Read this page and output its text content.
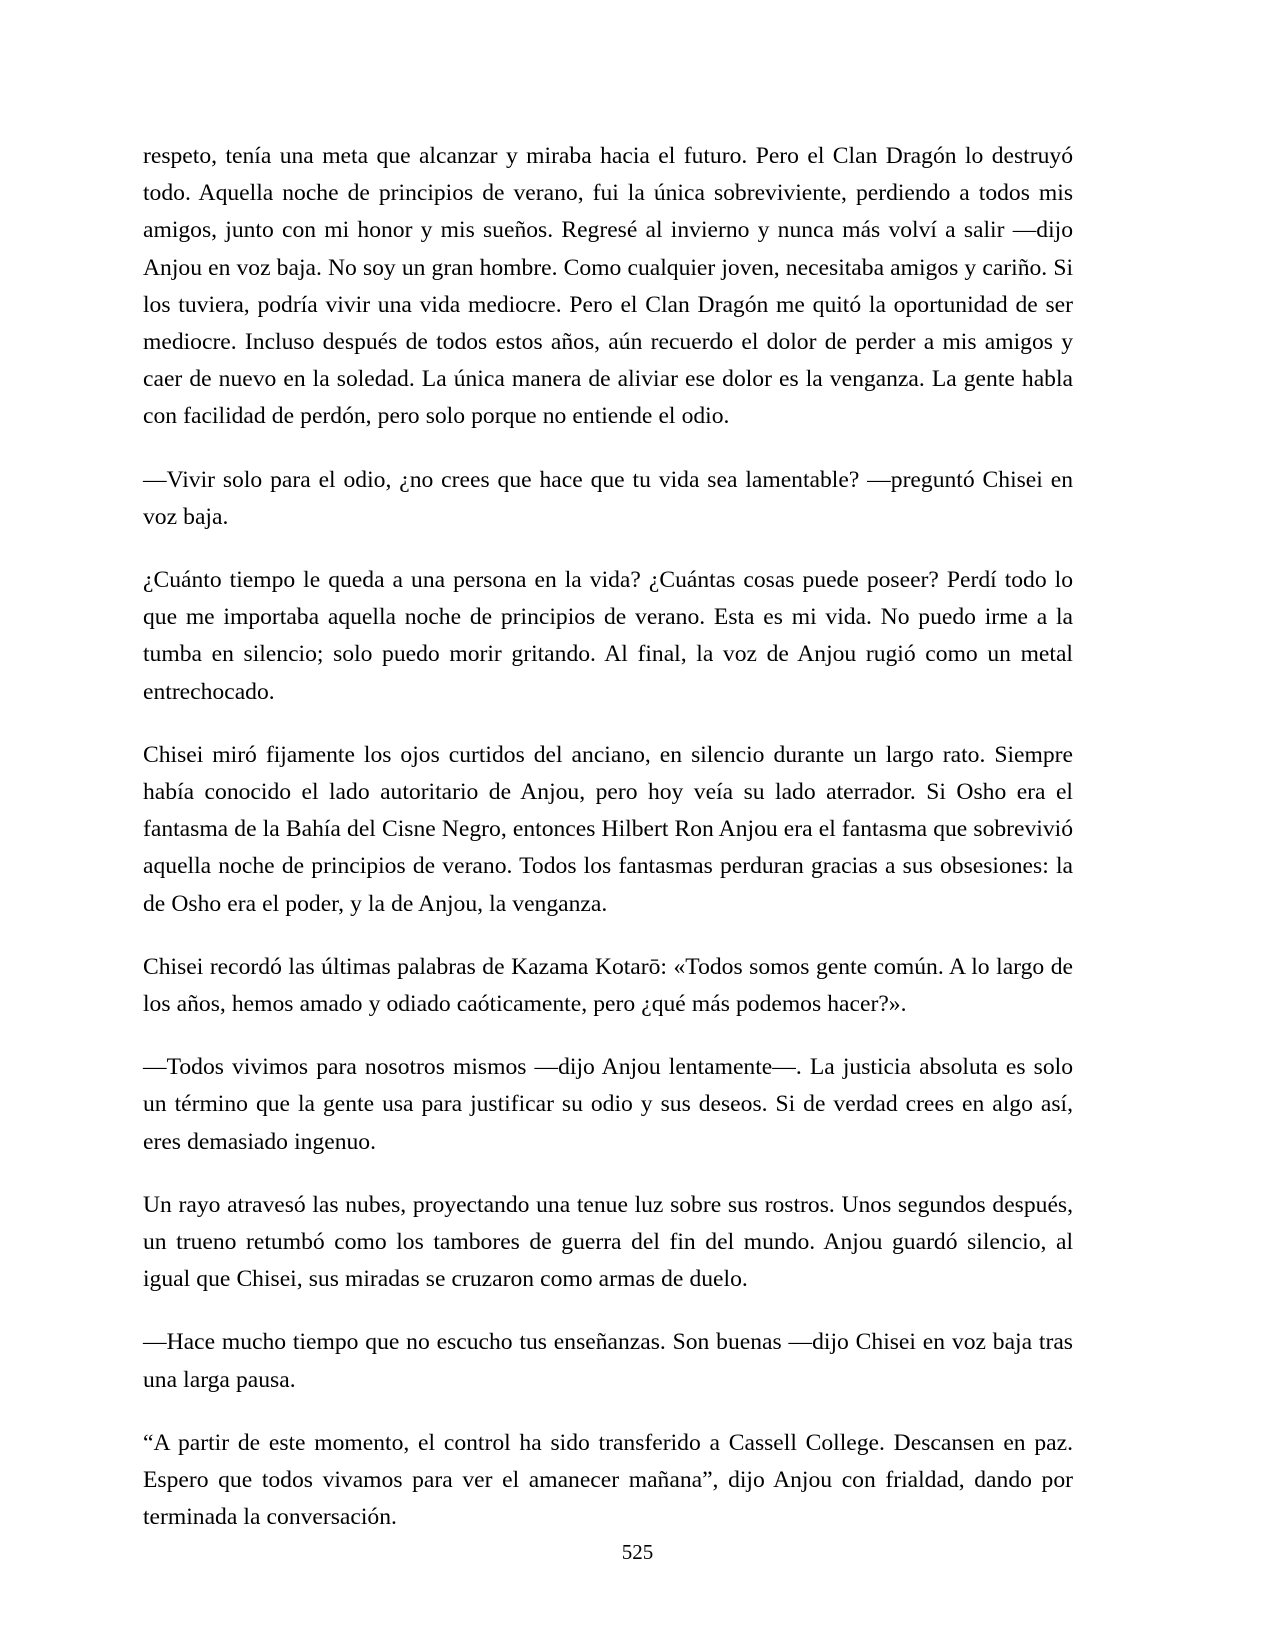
respeto, tenía una meta que alcanzar y miraba hacia el futuro. Pero el Clan Dragón lo destruyó todo. Aquella noche de principios de verano, fui la única sobreviviente, perdiendo a todos mis amigos, junto con mi honor y mis sueños. Regresé al invierno y nunca más volví a salir —dijo Anjou en voz baja. No soy un gran hombre. Como cualquier joven, necesitaba amigos y cariño. Si los tuviera, podría vivir una vida mediocre. Pero el Clan Dragón me quitó la oportunidad de ser mediocre. Incluso después de todos estos años, aún recuerdo el dolor de perder a mis amigos y caer de nuevo en la soledad. La única manera de aliviar ese dolor es la venganza. La gente habla con facilidad de perdón, pero solo porque no entiende el odio.

—Vivir solo para el odio, ¿no crees que hace que tu vida sea lamentable? —preguntó Chisei en voz baja.

¿Cuánto tiempo le queda a una persona en la vida? ¿Cuántas cosas puede poseer? Perdí todo lo que me importaba aquella noche de principios de verano. Esta es mi vida. No puedo irme a la tumba en silencio; solo puedo morir gritando. Al final, la voz de Anjou rugió como un metal entrechocado.

Chisei miró fijamente los ojos curtidos del anciano, en silencio durante un largo rato. Siempre había conocido el lado autoritario de Anjou, pero hoy veía su lado aterrador. Si Osho era el fantasma de la Bahía del Cisne Negro, entonces Hilbert Ron Anjou era el fantasma que sobrevivió aquella noche de principios de verano. Todos los fantasmas perduran gracias a sus obsesiones: la de Osho era el poder, y la de Anjou, la venganza.

Chisei recordó las últimas palabras de Kazama Kotarō: «Todos somos gente común. A lo largo de los años, hemos amado y odiado caóticamente, pero ¿qué más podemos hacer?».

—Todos vivimos para nosotros mismos —dijo Anjou lentamente—. La justicia absoluta es solo un término que la gente usa para justificar su odio y sus deseos. Si de verdad crees en algo así, eres demasiado ingenuo.

Un rayo atravesó las nubes, proyectando una tenue luz sobre sus rostros. Unos segundos después, un trueno retumbó como los tambores de guerra del fin del mundo. Anjou guardó silencio, al igual que Chisei, sus miradas se cruzaron como armas de duelo.

—Hace mucho tiempo que no escucho tus enseñanzas. Son buenas —dijo Chisei en voz baja tras una larga pausa.

“A partir de este momento, el control ha sido transferido a Cassell College. Descansen en paz. Espero que todos vivamos para ver el amanecer mañana”, dijo Anjou con frialdad, dando por terminada la conversación.

525
